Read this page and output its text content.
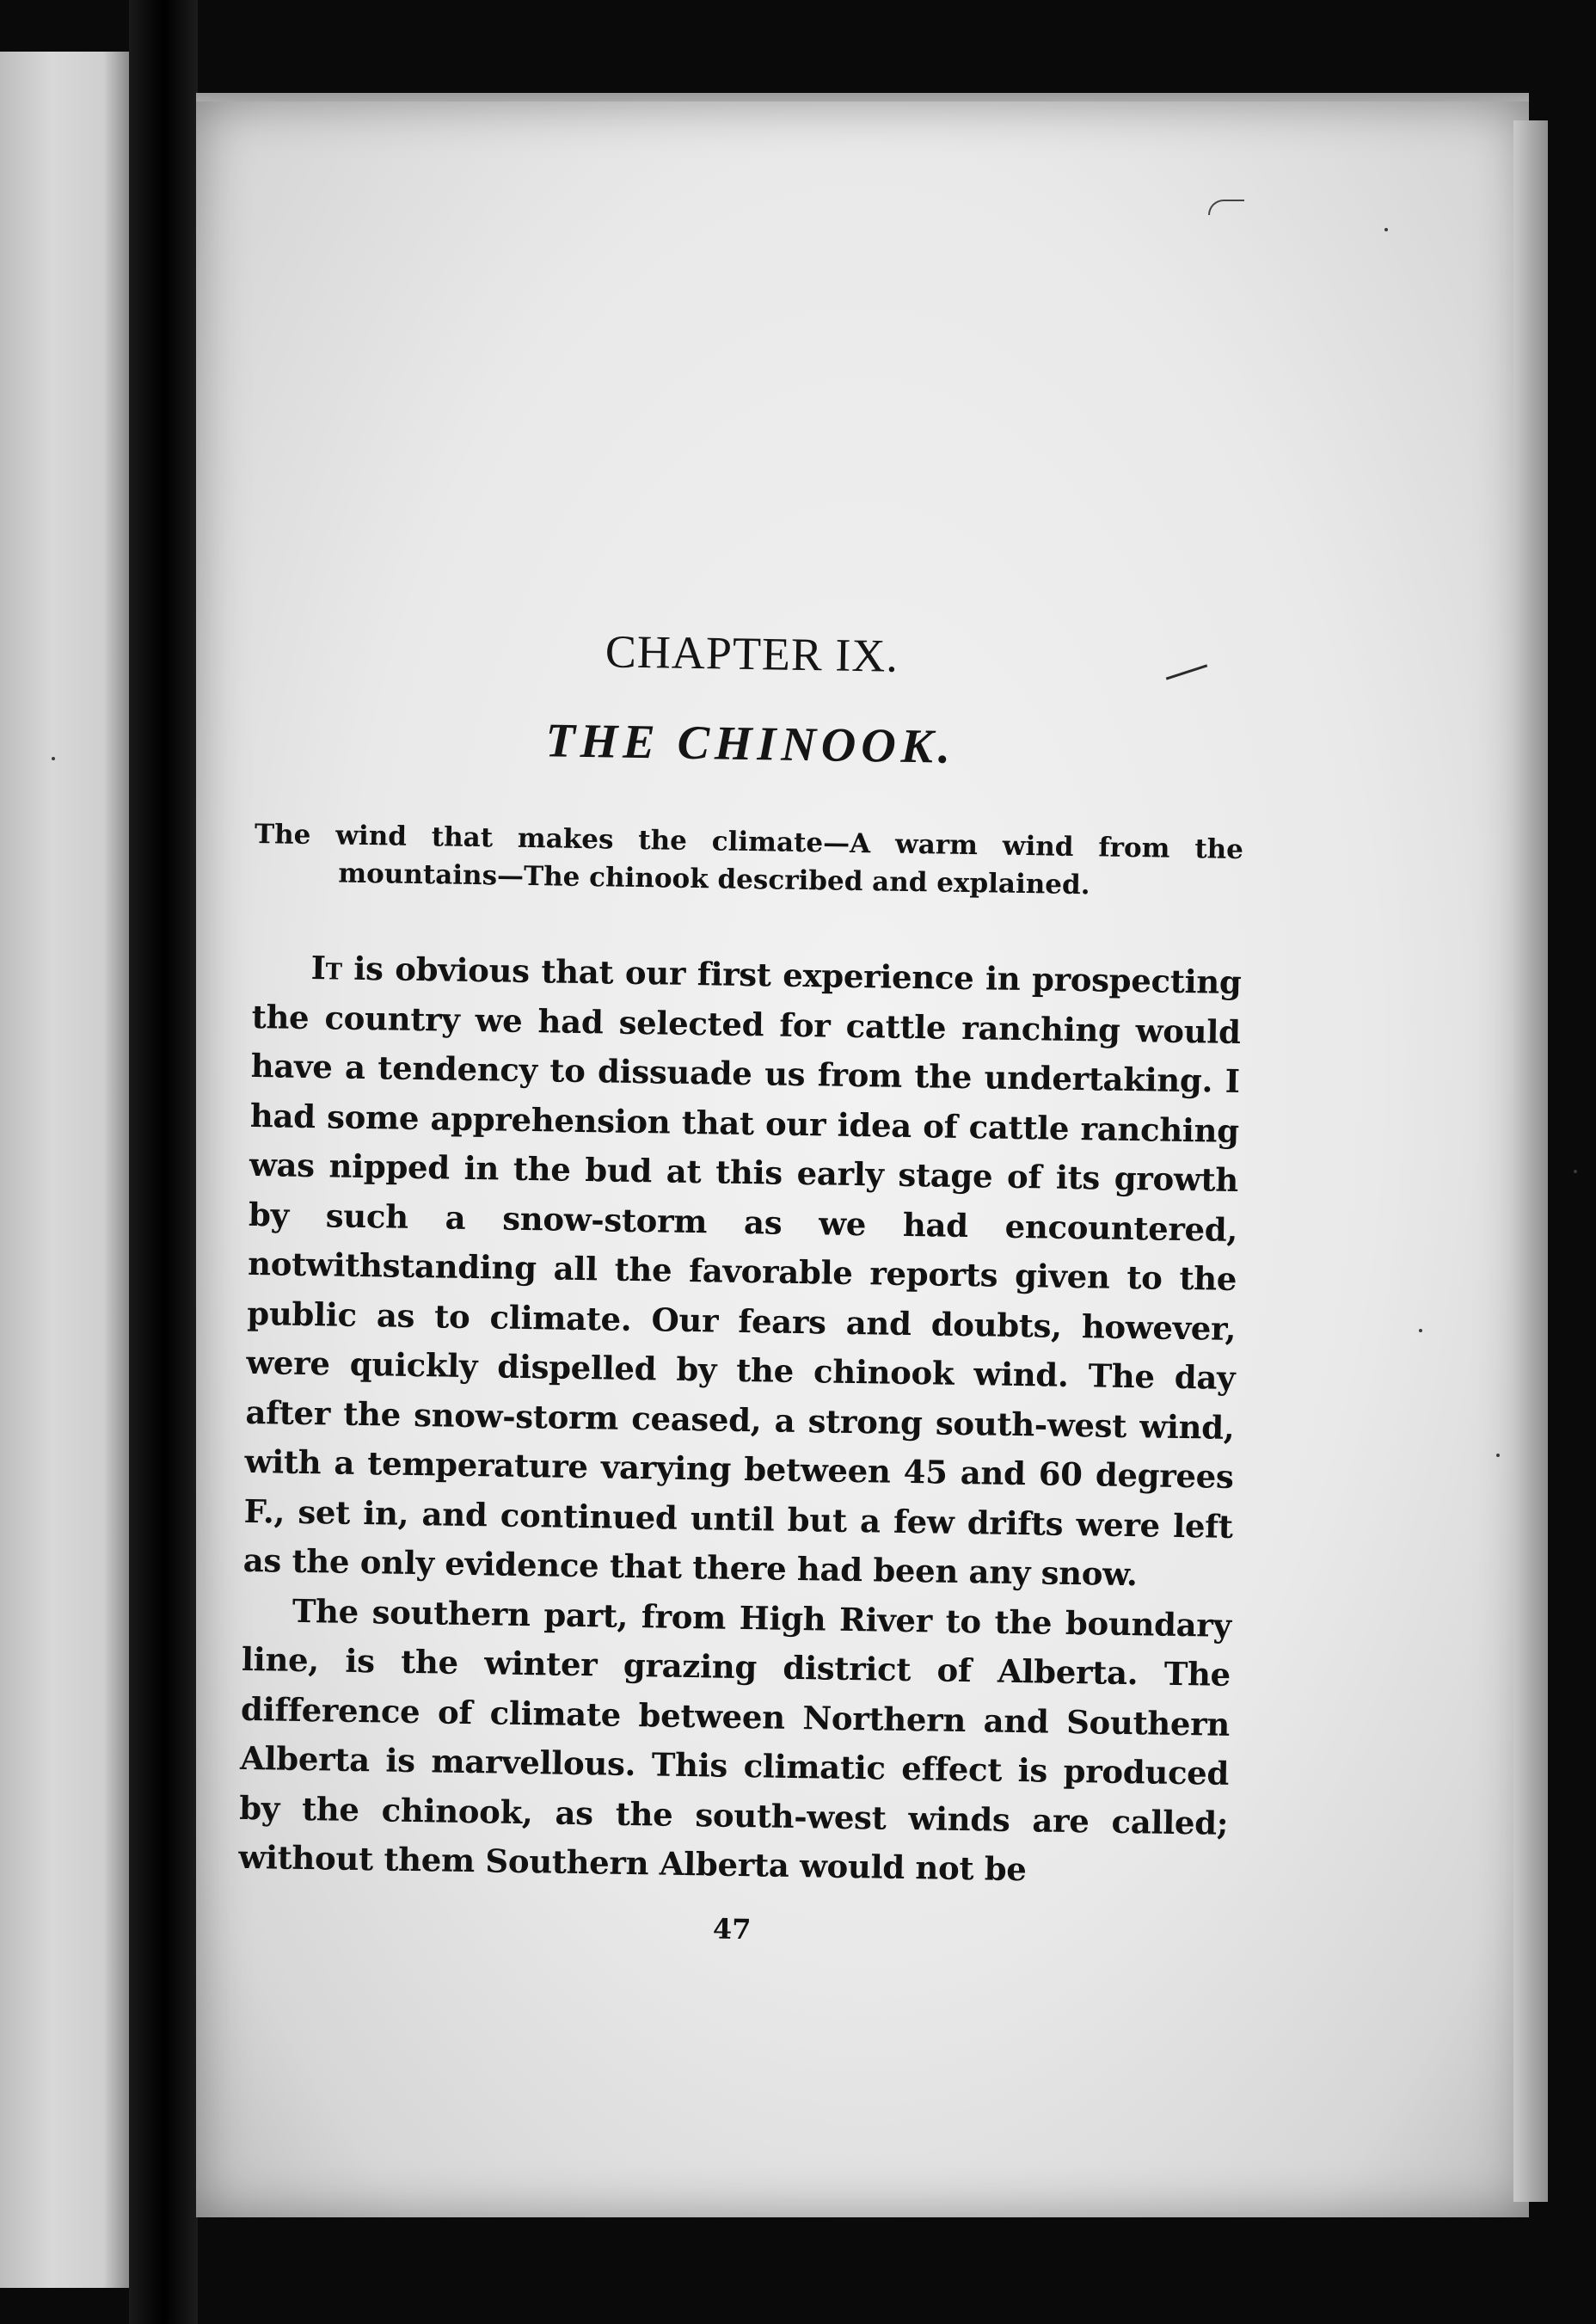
CHAPTER IX.
THE CHINOOK.

The wind that makes the climate—A warm wind from the mountains—The chinook described and explained.

It is obvious that our first experience in prospecting the country we had selected for cattle ranching would have a tendency to dissuade us from the undertaking. I had some apprehension that our idea of cattle ranching was nipped in the bud at this early stage of its growth by such a snow-storm as we had encountered, notwithstanding all the favorable reports given to the public as to climate. Our fears and doubts, however, were quickly dispelled by the chinook wind. The day after the snow-storm ceased, a strong south-west wind, with a temperature varying between 45 and 60 degrees F., set in, and continued until but a few drifts were left as the only evidence that there had been any snow.

The southern part, from High River to the boundary line, is the winter grazing district of Alberta. The difference of climate between Northern and Southern Alberta is marvellous. This climatic effect is produced by the chinook, as the south-west winds are called; without them Southern Alberta would not be

47
